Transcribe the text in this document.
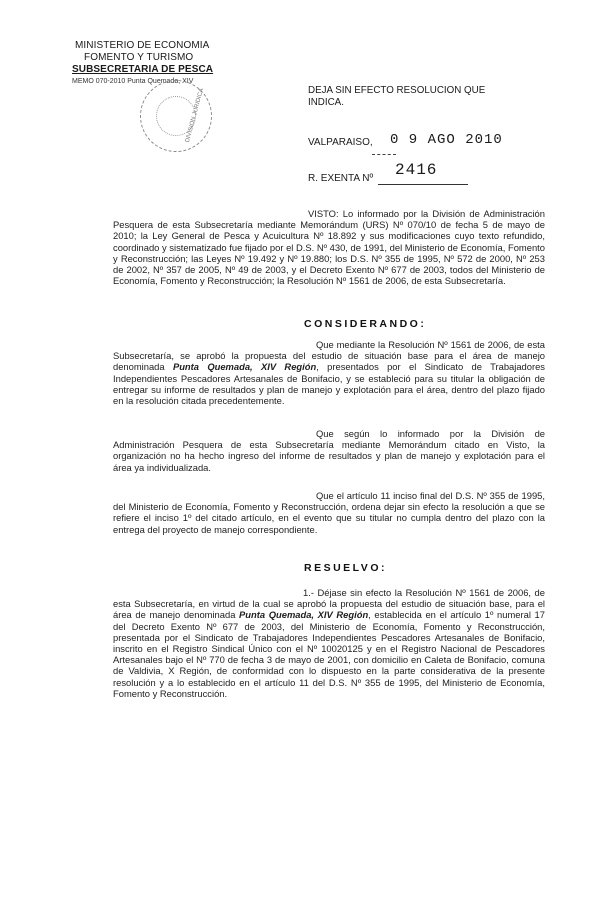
MINISTERIO DE ECONOMIA
FOMENTO Y TURISMO
SUBSECRETARIA DE PESCA
MEMO 070-2010 Punta Quemada, XIV
DIVISION JURIDICA	DEJA SIN EFECTO RESOLUCION QUE
INDICA.
VALPARAISO, 0 9 AGO 2010
R. EXENTA Nº 2416
VISTO: Lo informado por la División de Administración Pesquera de esta Subsecretaría mediante Memorándum (URS) Nº 070/10 de fecha 5 de mayo de 2010; la Ley General de Pesca y Acuicultura Nº 18.892 y sus modificaciones cuyo texto refundido, coordinado y sistematizado fue fijado por el D.S. Nº 430, de 1991, del Ministerio de Economía, Fomento y Reconstrucción; las Leyes Nº 19.492 y Nº 19.880; los D.S. Nº 355 de 1995, Nº 572 de 2000, Nº 253 de 2002, Nº 357 de 2005, Nº 49 de 2003, y el Decreto Exento Nº 677 de 2003, todos del Ministerio de Economía, Fomento y Reconstrucción; la Resolución Nº 1561 de 2006, de esta Subsecretaría.
CONSIDERANDO:
Que mediante la Resolución Nº 1561 de 2006, de esta Subsecretaría, se aprobó la propuesta del estudio de situación base para el área de manejo denominada Punta Quemada, XIV Región, presentados por el Sindicato de Trabajadores Independientes Pescadores Artesanales de Bonifacio, y se estableció para su titular la obligación de entregar su informe de resultados y plan de manejo y explotación para el área, dentro del plazo fijado en la resolución citada precedentemente.
Que según lo informado por la División de Administración Pesquera de esta Subsecretaría mediante Memorándum citado en Visto, la organización no ha hecho ingreso del informe de resultados y plan de manejo y explotación para el área ya individualizada.
Que el artículo 11 inciso final del D.S. Nº 355 de 1995, del Ministerio de Economía, Fomento y Reconstrucción, ordena dejar sin efecto la resolución a que se refiere el inciso 1º del citado artículo, en el evento que su titular no cumpla dentro del plazo con la entrega del proyecto de manejo correspondiente.
RESUELVO:
1.- Déjase sin efecto la Resolución Nº 1561 de 2006, de esta Subsecretaría, en virtud de la cual se aprobó la propuesta del estudio de situación base, para el área de manejo denominada Punta Quemada, XIV Región, establecida en el artículo 1º numeral 17 del Decreto Exento Nº 677 de 2003, del Ministerio de Economía, Fomento y Reconstrucción, presentada por el Sindicato de Trabajadores Independientes Pescadores Artesanales de Bonifacio, inscrito en el Registro Sindical Único con el Nº 10020125 y en el Registro Nacional de Pescadores Artesanales bajo el Nº 770 de fecha 3 de mayo de 2001, con domicilio en Caleta de Bonifacio, comuna de Valdivia, X Región, de conformidad con lo dispuesto en la parte considerativa de la presente resolución y a lo establecido en el artículo 11 del D.S. Nº 355 de 1995, del Ministerio de Economía, Fomento y Reconstrucción.
